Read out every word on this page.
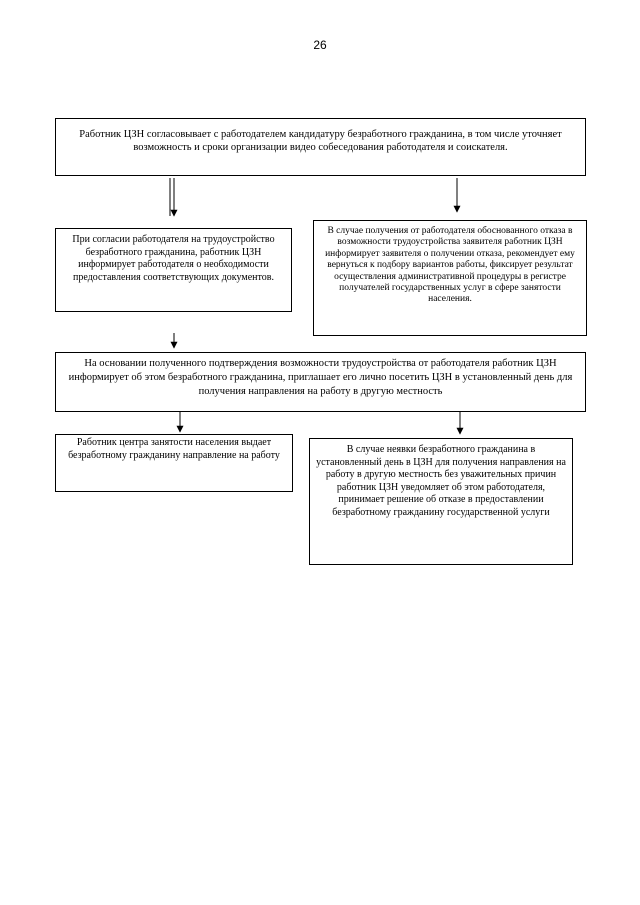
26
Работник ЦЗН согласовывает с работодателем кандидатуру безработного гражданина, в том числе уточняет возможность и сроки организации видео собеседования работодателя и соискателя.
При согласии работодателя на трудоустройство безработного гражданина, работник ЦЗН информирует работодателя о необходимости предоставления соответствующих документов.
В случае получения от работодателя обоснованного отказа в возможности трудоустройства заявителя работник ЦЗН информирует заявителя о получении отказа, рекомендует ему вернуться к подбору вариантов работы, фиксирует результат осуществления административной процедуры в регистре получателей государственных услуг в сфере занятости населения.
На основании полученного подтверждения возможности трудоустройства от работодателя работник ЦЗН информирует об этом безработного гражданина, приглашает его лично посетить ЦЗН в установленный день для получения направления на работу в другую местность
Работник центра занятости населения выдает безработному гражданину направление на работу	В случае неявки безработного гражданина в установленный день в ЦЗН для получения направления на работу в другую местность без уважительных причин работник ЦЗН уведомляет об этом работодателя, принимает решение об отказе в предоставлении безработному гражданину государственной услуги
